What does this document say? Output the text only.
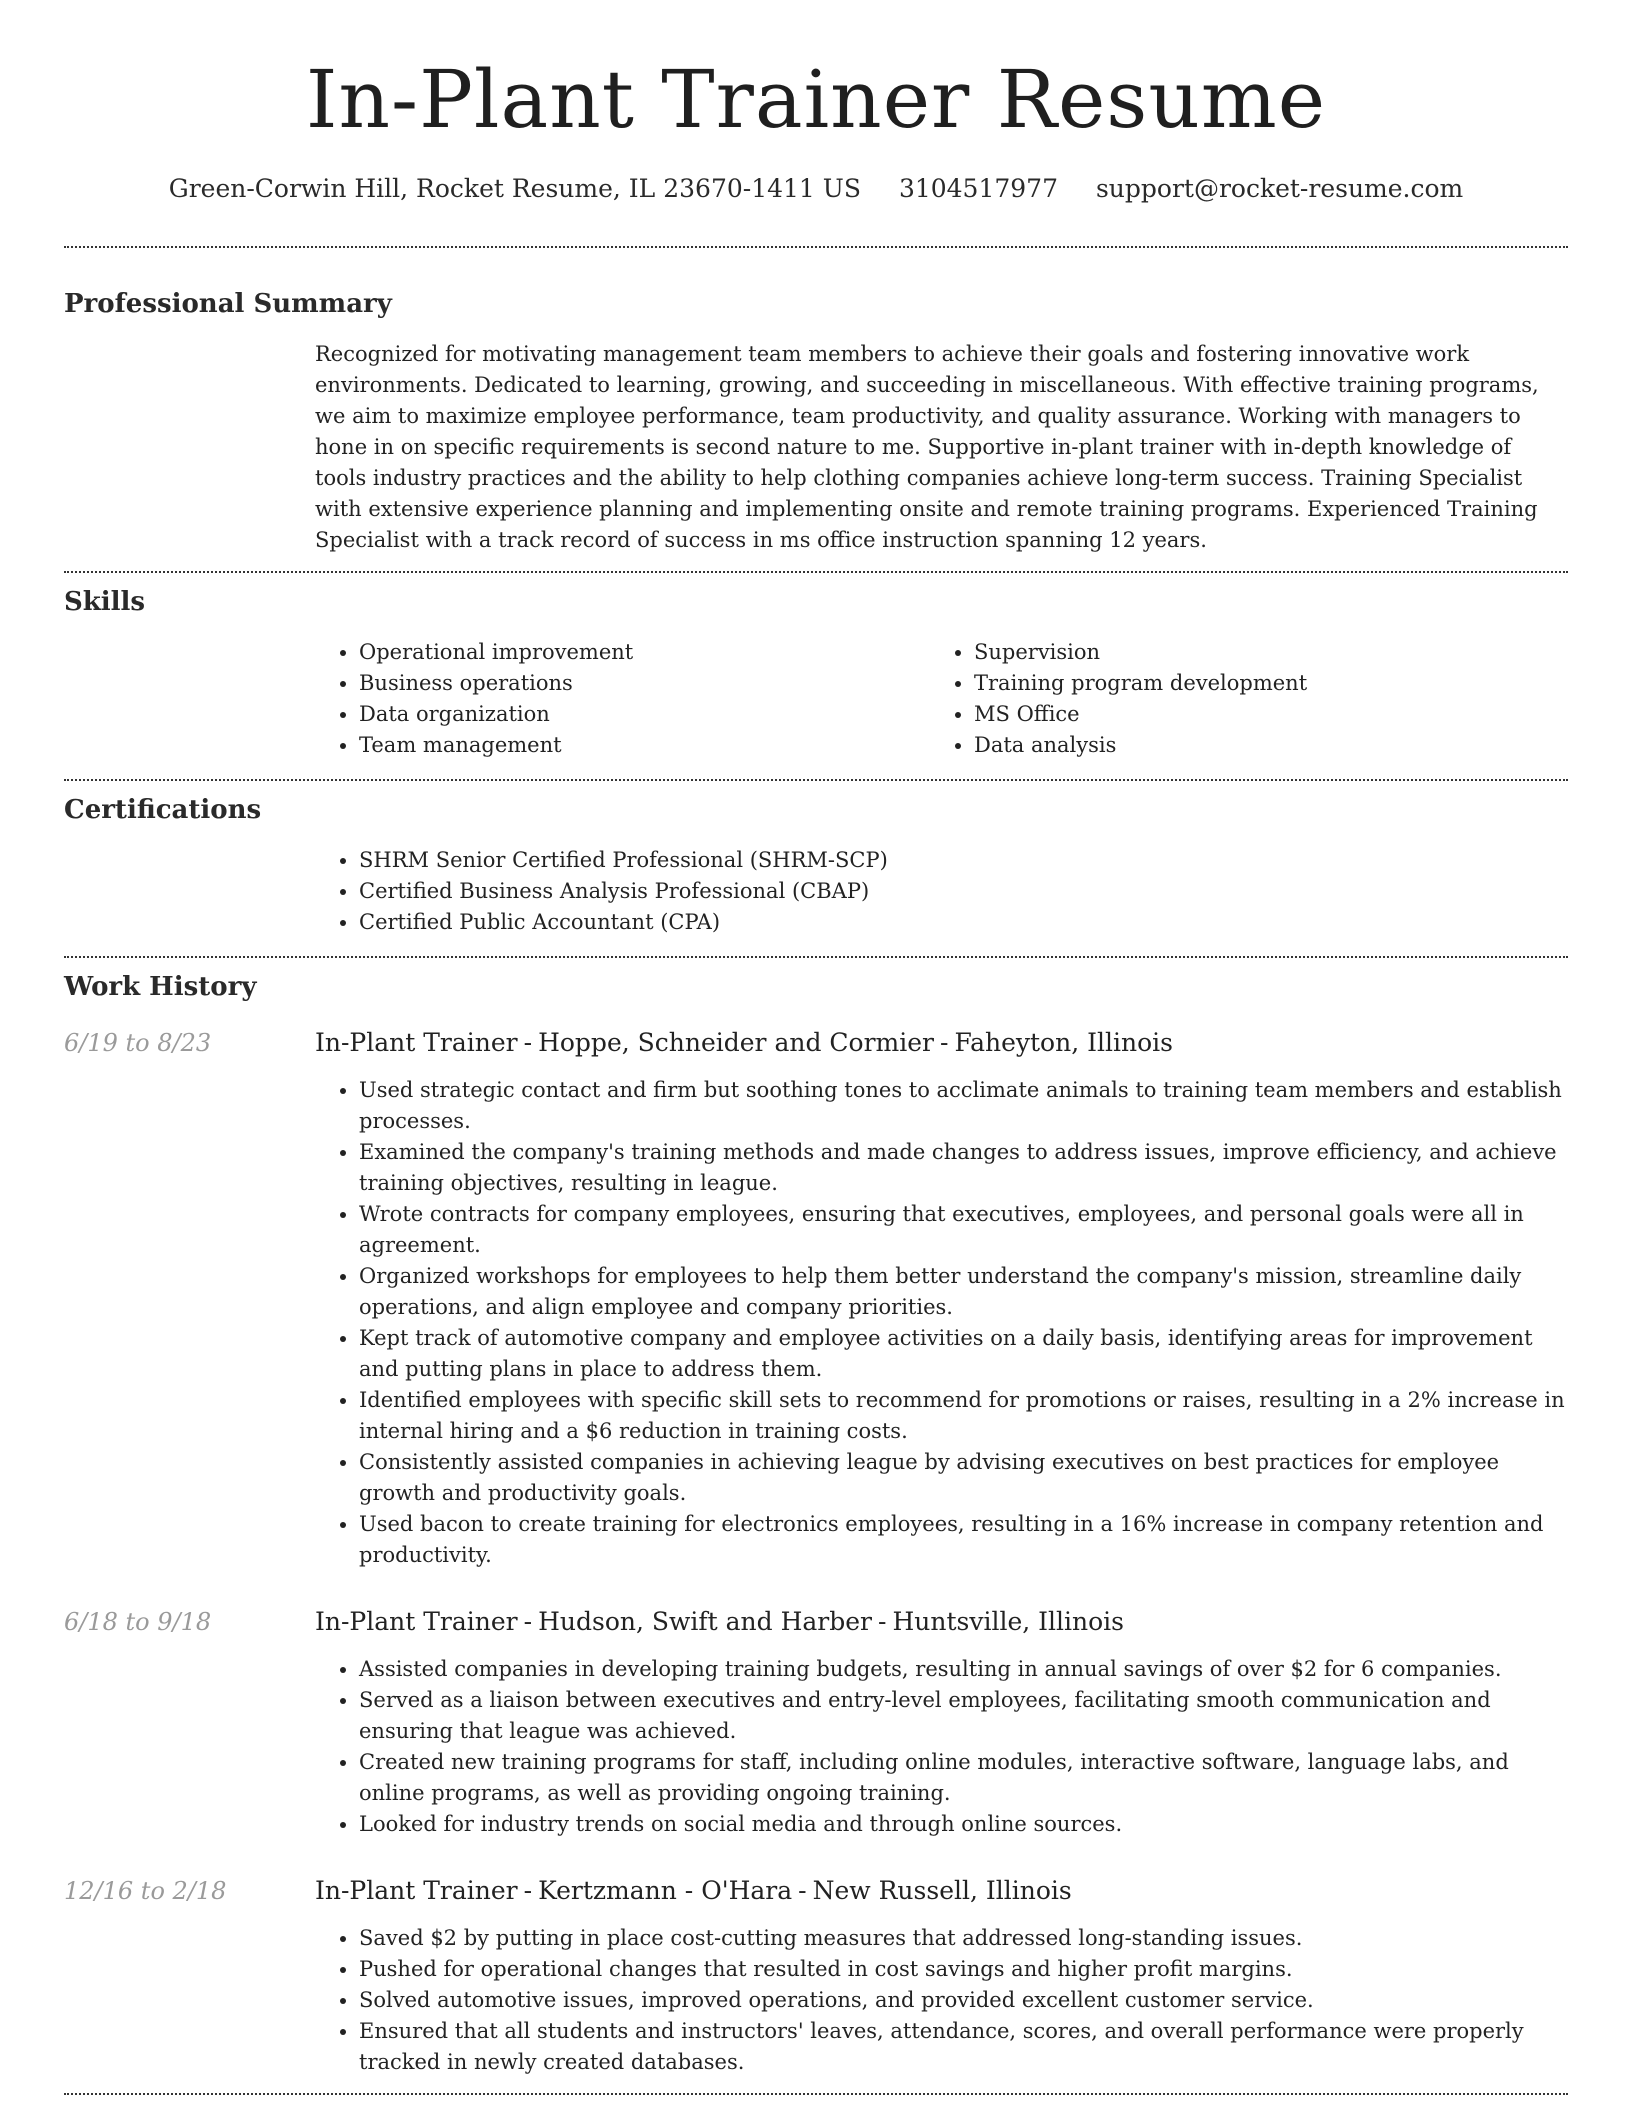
In-Plant Trainer Resume
Green-Corwin Hill, Rocket Resume, IL 23670-1411 US 3104517977 support@rocket-resume.com
Professional Summary
Recognized for motivating management team members to achieve their goals and fostering innovative work environments. Dedicated to learning, growing, and succeeding in miscellaneous. With effective training programs, we aim to maximize employee performance, team productivity, and quality assurance. Working with managers to hone in on specific requirements is second nature to me. Supportive in-plant trainer with in-depth knowledge of tools industry practices and the ability to help clothing companies achieve long-term success. Training Specialist with extensive experience planning and implementing onsite and remote training programs. Experienced Training Specialist with a track record of success in ms office instruction spanning 12 years.
Skills
• Operational improvement
• Business operations
• Data organization
• Team management
• Supervision
• Training program development
• MS Office
• Data analysis
Certifications
• SHRM Senior Certified Professional (SHRM-SCP)
• Certified Business Analysis Professional (CBAP)
• Certified Public Accountant (CPA)
Work History
6/19 to 8/23	In-Plant Trainer - Hoppe, Schneider and Cormier - Faheyton, Illinois
• Used strategic contact and firm but soothing tones to acclimate animals to training team members and establish processes.
• Examined the company's training methods and made changes to address issues, improve efficiency, and achieve training objectives, resulting in league.
• Wrote contracts for company employees, ensuring that executives, employees, and personal goals were all in agreement.
• Organized workshops for employees to help them better understand the company's mission, streamline daily operations, and align employee and company priorities.
• Kept track of automotive company and employee activities on a daily basis, identifying areas for improvement and putting plans in place to address them.
• Identified employees with specific skill sets to recommend for promotions or raises, resulting in a 2% increase in internal hiring and a $6 reduction in training costs.
• Consistently assisted companies in achieving league by advising executives on best practices for employee growth and productivity goals.
• Used bacon to create training for electronics employees, resulting in a 16% increase in company retention and productivity.
6/18 to 9/18	In-Plant Trainer - Hudson, Swift and Harber - Huntsville, Illinois
• Assisted companies in developing training budgets, resulting in annual savings of over $2 for 6 companies.
• Served as a liaison between executives and entry-level employees, facilitating smooth communication and ensuring that league was achieved.
• Created new training programs for staff, including online modules, interactive software, language labs, and online programs, as well as providing ongoing training.
• Looked for industry trends on social media and through online sources.
12/16 to 2/18	In-Plant Trainer - Kertzmann - O'Hara - New Russell, Illinois
• Saved $2 by putting in place cost-cutting measures that addressed long-standing issues.
• Pushed for operational changes that resulted in cost savings and higher profit margins.
• Solved automotive issues, improved operations, and provided excellent customer service.
• Ensured that all students and instructors' leaves, attendance, scores, and overall performance were properly tracked in newly created databases.
